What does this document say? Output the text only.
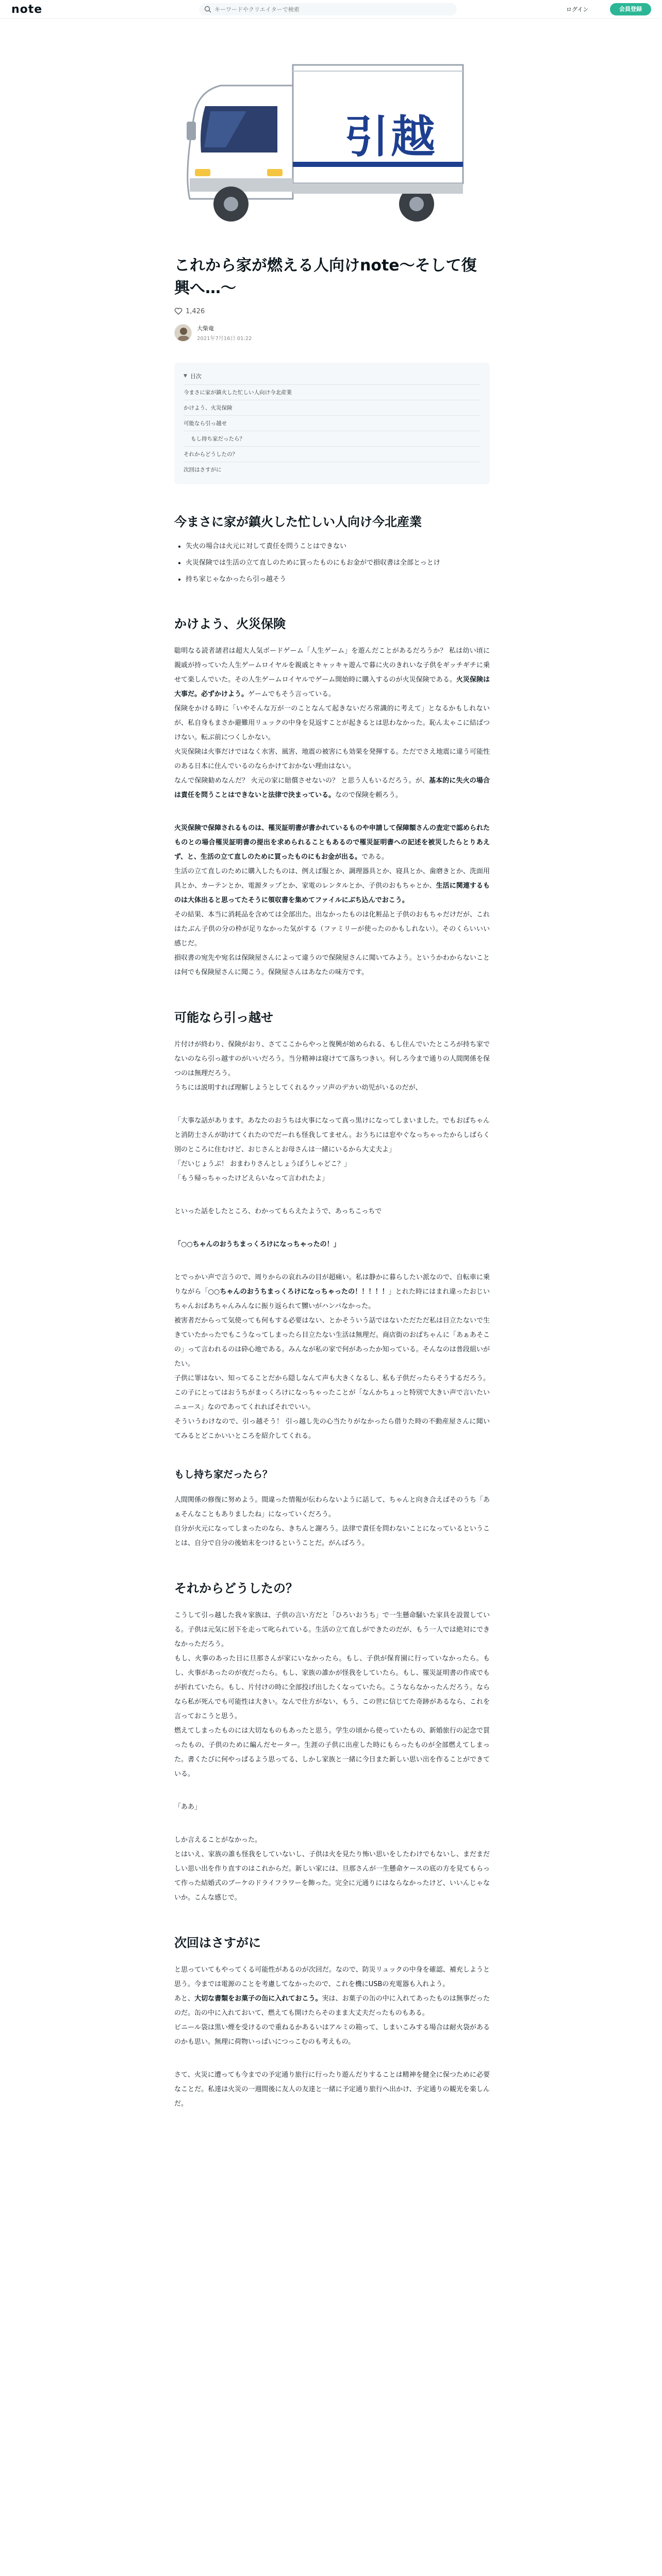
note
キーワードやクリエイターで検索	ログイン	会員登録
引越
これから家が燃える人向けnote〜そして復興へ…〜
1,426
大柴竜
2021年7月16日 01:22
▼ 目次
今まさに家が鎮火した忙しい人向け今北産業
かけよう、火災保険
可能なら引っ越せ
もし持ち家だったら？
それからどうしたの？
次回はさすがに
今まさに家が鎮火した忙しい人向け今北産業
• 失火の場合は火元に対して責任を問うことはできない
• 火災保険では生活の立て直しのために買ったものにもお金がで損収書は全部とっとけ
• 持ち家じゃなかったら引っ越そう
かけよう、火災保険

聡明なる読者諸君は超大人気ボードゲーム「人生ゲーム」を遊んだことがあるだろうか？ 私は幼い頃に親戚が持っていた人生ゲームロイヤルを親戚とキャッキャ遊んで暮に火のきれいな子供をギッチギチに乗せて楽しんでいた。その人生ゲームロイヤルでゲーム開始時に購入するのが火災保険である。火災保険は大事だ。必ずかけよう。ゲームでもそう言っている。

保険をかける時に「いやそんな万が一のことなんて起きないだろ常識的に考えて」となるかもしれないが、私自身もまさか避難用リュックの中身を見返すことが起きるとは思わなかった。恥ん太ゃこに結ばつけない。転ぶ前につくしかない。

火災保険は火事だけではなく水害、風害、地震の被害にも効果を発揮する。ただでさえ地震に違う可能性のある日本に住んでいるのならかけておかない理由はない。

なんで保険勧めなんだ？ 火元の家に賠償させないの？ と思う人もいるだろう。が、基本的に失火の場合は責任を問うことはできないと法律で決まっている。なので保険を頼ろう。

火災保険で保障されるものは、罹災証明書が書かれているものや申請して保障額さんの査定で認められたものとの場合罹災証明書の提出を求められることもあるので罹災証明書への記述を被災したらとりあえず、と、生活の立て直しのために買ったものにもお金が出る。である。

生活の立て直しのために購入したものは、例えば服とか、調理器具とか、寝具とか、歯磨きとか、洗面用具とか、カーテンとか、電源タップとか、家電のレンタルとか、子供のおもちゃとか、生活に関連するものは大体出ると思ってたそうに領収書を集めてファイルにぶち込んでおこう。

その結果、本当に消耗品を含めては全部出た。出なかったものは化粧品と子供のおもちゃだけだが、これはたぶん子供の分の枠が足りなかった気がする（ファミリーが使ったのかもしれない）。そのくらいいい感じだ。

損収書の宛先や宛名は保険屋さんによって違うので保険屋さんに聞いてみよう。というかわからないことは何でも保険屋さんに聞こう。保険屋さんはあなたの味方です。

可能なら引っ越せ

片付けが終わり、保険がおり、さてここからやっと復興が始められる、もし住んでいたところが持ち家でないのなら引っ越すのがいいだろう。当分精神は寝けてて落ちつきい。何しろ今まで通りの人間関係を保つのは無理だろう。

うちには説明すれば理解しようとしてくれるウッソ声のデカい幼児がいるのだが、

「大事な話があります。あなたのおうちは火事になって真っ黒けになってしまいました。でもおばちゃんと消防士さんが助けてくれたのでだーれも怪我してません。おうちには窓やぐなっちゃったからしばらく別のところに住むけど、おじさんとお母さんは一緒にいるから大丈夫よ」

「だいじょうぶ！ おまわりさんとしょうぼうしゃどこ？」

「もう帰っちゃったけどえらいなって言われたよ」

といった話をしたところ、わかってもらえたようで、あっちこっちで

「○○ちゃんのおうちまっくろけになっちゃったの！」

とでっかい声で言うので、周りからの哀れみの目が超痛い。私は静かに暮らしたい派なので、自転車に乗りながら「○○ちゃんのおうちまっくろけになっちゃったの！！！！！」とれた時にはまれ違ったおじいちゃんおばあちゃんみんなに振り返られて嬲いがハンパなかった。

被害者だからって気使っても何もする必要はない、とかそういう話ではないただただ私は目立たないで生きていたかったでもこうなってしまったら目立たない生活は無理だ。商店街のおばちゃんに「あぁあそこの」って言われるのは砕心地である。みんなが私の家で何があったか知っている。そんなのは普段組いがたい。

子供に罪はない、知ってることだから隠しなんて声も大きくなるし、私も子供だったらそうするだろう。この子にとってはおうちがまっくろけになっちゃったことが「なんかちょっと特別で大きい声で言いたいニュース」なのであってくれればそれでいい。

そういうわけなので、引っ越そう！ 引っ越し先の心当たりがなかったら借りた時の不動産屋さんに聞いてみるとどこかいいところを紹介してくれる。

もし持ち家だったら？

人間関係の修復に努めよう。間違った情報が伝わらないように話して、ちゃんと向き合えばそのうち「あぁそんなこともありましたね」になっていくだろう。

自分が火元になってしまったのなら、きちんと謝ろう。法律で責任を問わないことになっているということは、自分で自分の後始末をつけるということだ。がんばろう。

それからどうしたの？

こうして引っ越した我々家族は、子供の言い方だと「ひろいおうち」で一生懸命騒いた家具を設置している。子供は元気に居下を走って叱られている。生活の立て直しができたのだが、もう一人では絶対にできなかっただろう。

もし、火事のあった日に旦那さんが家にいなかったら。もし、子供が保育園に行っていなかったら。もし、火事があったのが夜だったら。もし、家族の誰かが怪我をしていたら。もし、罹災証明書の作成でもが折れていたら。もし、片付けの時に全部投げ出したくなっていたら。こうならなかったんだろう。ならなら私が死んでも可能性は大きい。なんで仕方がない、もう、この世に信じてた奇跡があるなら、これを言っておこうと思う。

燃えてしまったものには大切なものもあったと思う。学生の頃から使っていたもの、新婚旅行の記念で買ったもの、子供のために編んだセーター。生涯の子供に出産した時にもらったものが全部燃えてしまった。書くたびに何やっぱるよう思ってる、しかし家族と一緒に今日また新しい思い出を作ることができている。

「ああ」

しか言えることがなかった。

とはいえ、家族の誰も怪我をしていないし、子供は火を見たり怖い思いをしたわけでもないし、まだまだしい思い出を作り直すのはこれからだ。新しい家には、旦那さんが一生懸命ケースの底の方を見てもらって作った結婚式のブーケのドライフラワーを飾った。完全に元通りにはならなかったけど、いいんじゃないか。こんな感じで。

次回はさすがに

と思っていてもやってくる可能性があるのが次回だ。なので、防災リュックの中身を確認、補充しようと思う。今までは電源のことを考慮してなかったので、これを機にUSBの充電器も入れよう。

あと、大切な書類をお菓子の缶に入れておこう。実は、お菓子の缶の中に入れてあったものは無事だったのだ。缶の中に入れておいて、燃えても開けたらそのまま大丈夫だったものもある。

ビニール袋は黒い煙を受けるので重ねるかあるいはアルミの箱って、しまいこみする場合は耐火袋があるのかも思い。無理に荷物いっぱいにつっこむのも考えもの。

さて、火災に遭っても今までの予定通り旅行に行ったり遊んだりすることは精神を健全に保つために必要なことだ。私達は火災の一週間後に友人の友達と一緒に予定通り旅行へ出かけ、予定通りの観光を楽しんだ。
